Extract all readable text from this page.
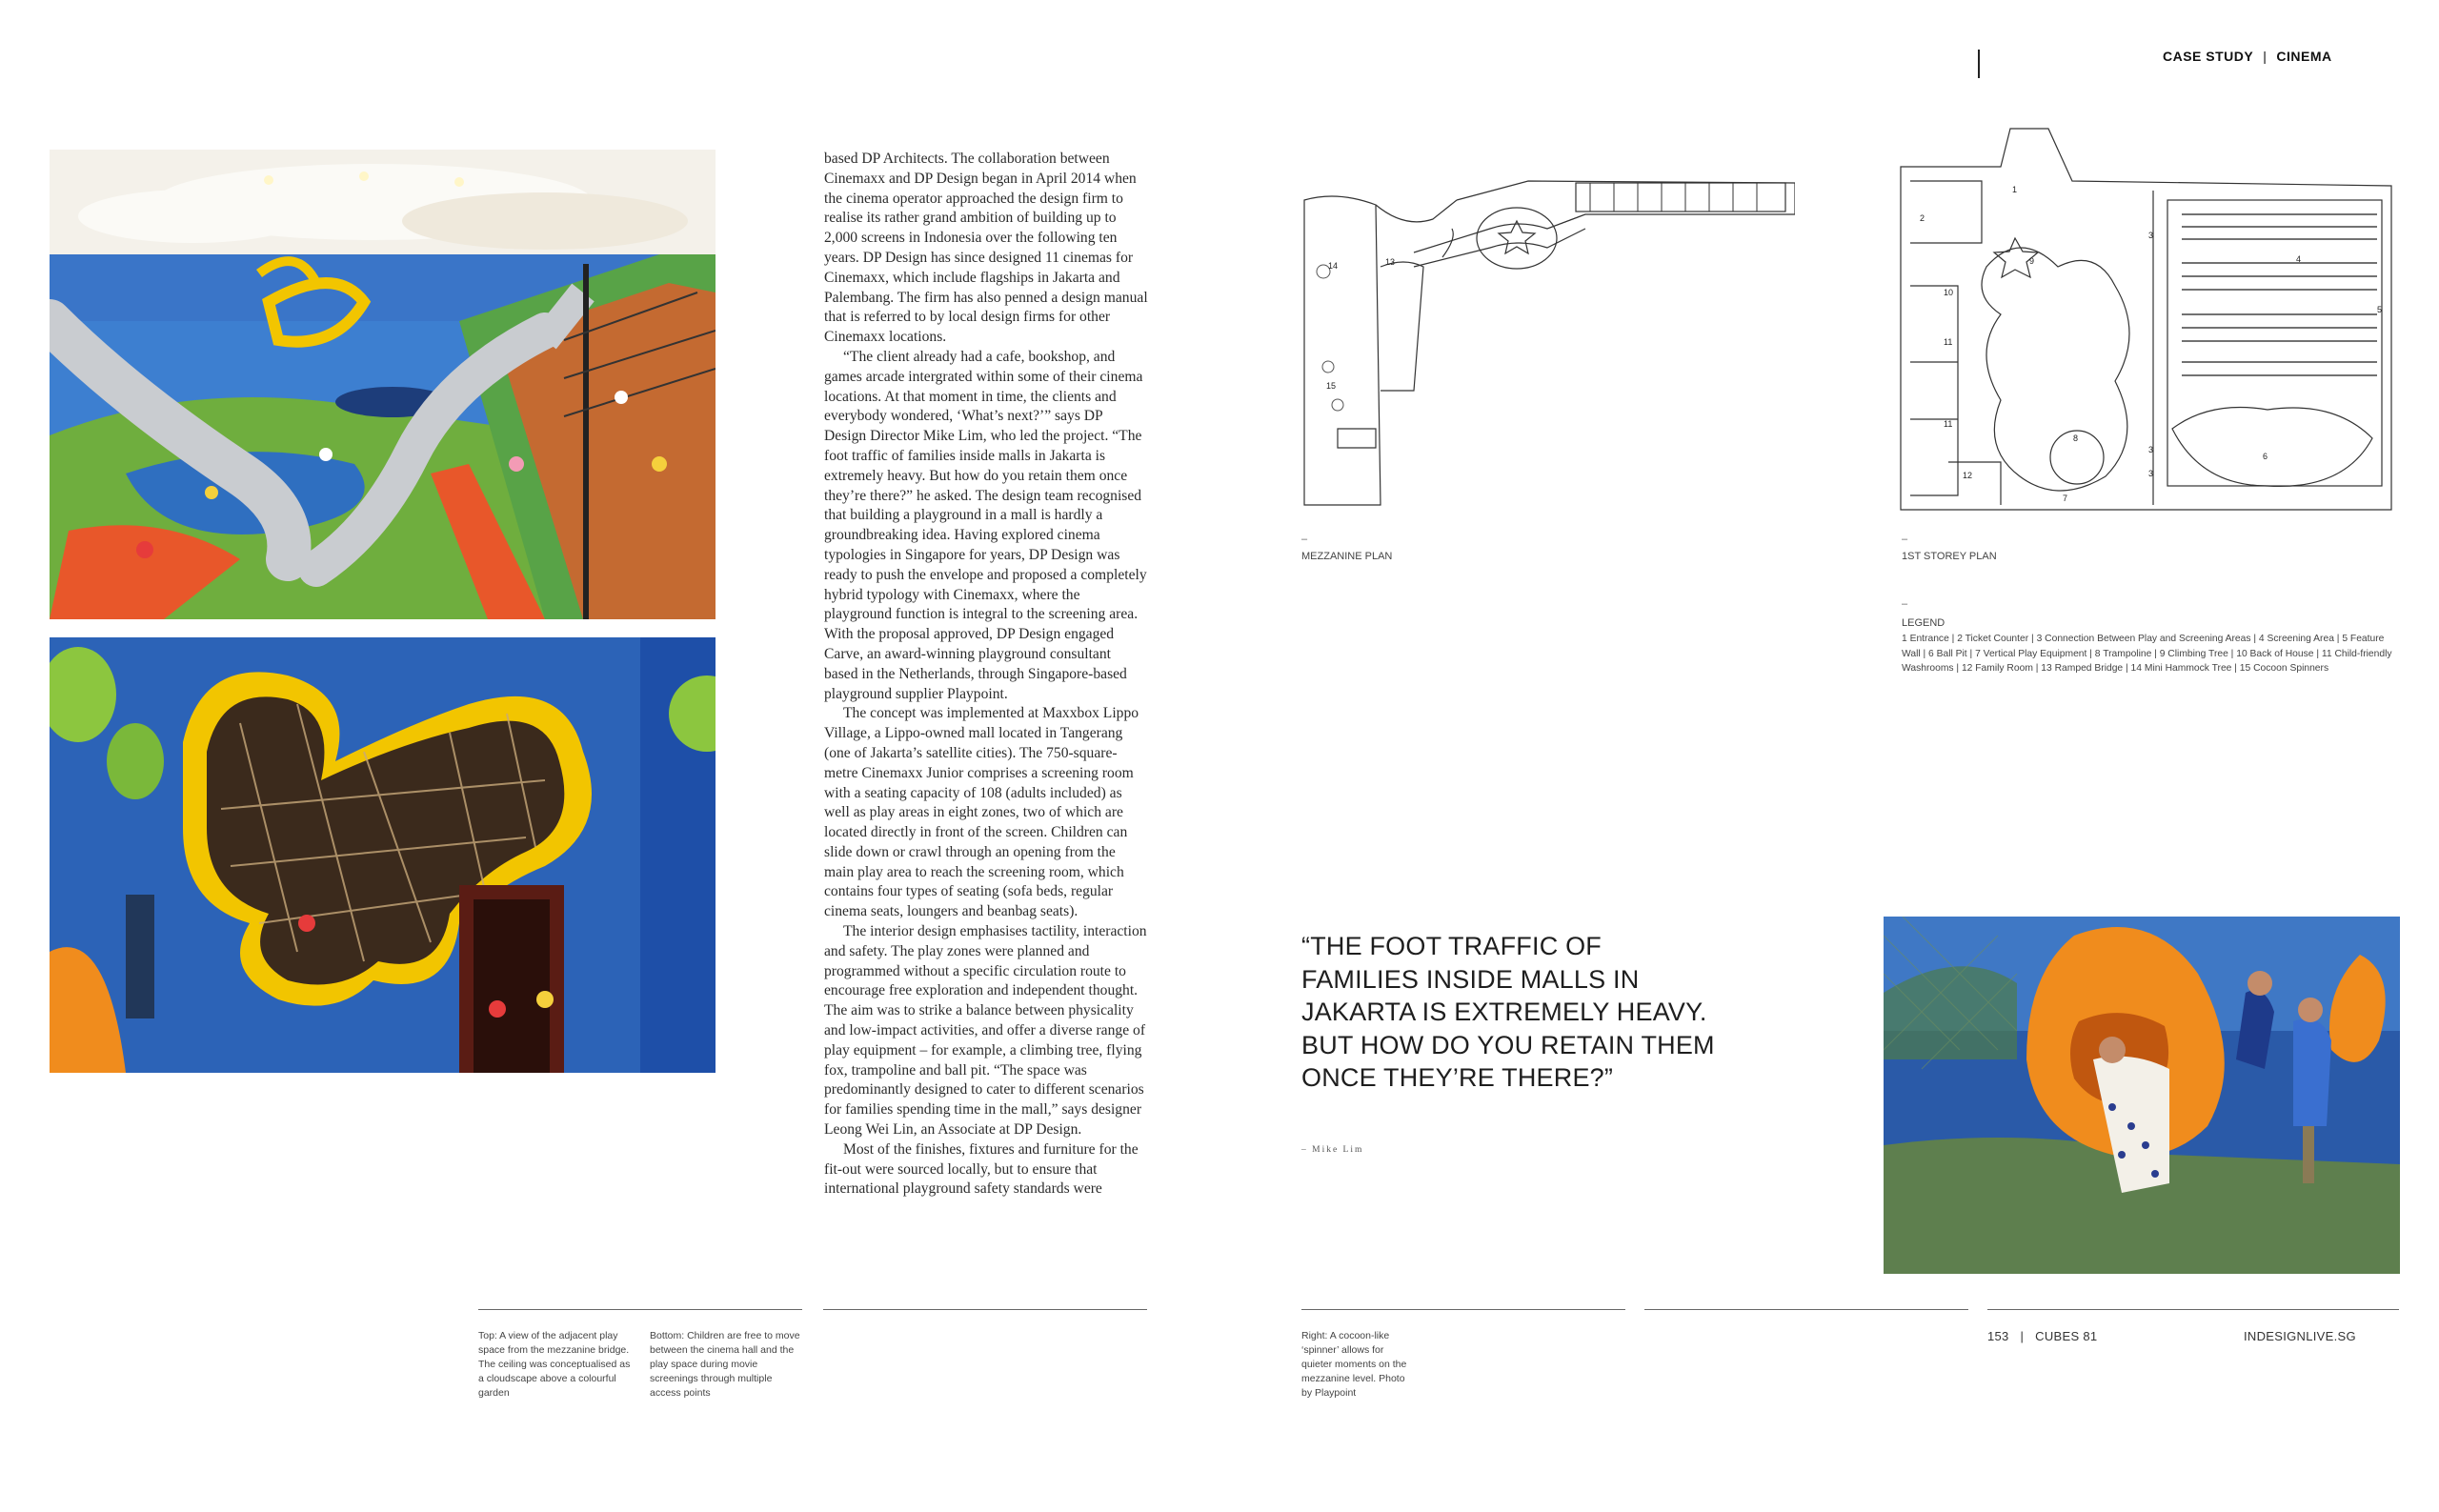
CASE STUDY | CINEMA

based DP Architects. The collaboration between Cinemaxx and DP Design began in April 2014 when the cinema operator approached the design firm to realise its rather grand ambition of building up to 2,000 screens in Indonesia over the following ten years. DP Design has since designed 11 cinemas for Cinemaxx, which include flagships in Jakarta and Palembang. The firm has also penned a design manual that is referred to by local design firms for other Cinemaxx locations.

“The client already had a cafe, bookshop, and games arcade intergrated within some of their cinema locations. At that moment in time, the clients and everybody wondered, ‘What’s next?’” says DP Design Director Mike Lim, who led the project. “The foot traffic of families inside malls in Jakarta is extremely heavy. But how do you retain them once they’re there?” he asked. The design team recognised that building a playground in a mall is hardly a groundbreaking idea. Having explored cinema typologies in Singapore for years, DP Design was ready to push the envelope and proposed a completely hybrid typology with Cinemaxx, where the playground function is integral to the screening area. With the proposal approved, DP Design engaged Carve, an award-winning playground consultant based in the Netherlands, through Singapore-based playground supplier Playpoint.

The concept was implemented at Maxxbox Lippo Village, a Lippo-owned mall located in Tangerang (one of Jakarta’s satellite cities). The 750-square-metre Cinemaxx Junior comprises a screening room with a seating capacity of 108 (adults included) as well as play areas in eight zones, two of which are located directly in front of the screen. Children can slide down or crawl through an opening from the main play area to reach the screening room, which contains four types of seating (sofa beds, regular cinema seats, loungers and beanbag seats).

The interior design emphasises tactility, interaction and safety. The play zones were planned and programmed without a specific circulation route to encourage free exploration and independent thought. The aim was to strike a balance between physicality and low-impact activities, and offer a diverse range of play equipment – for example, a climbing tree, flying fox, trampoline and ball pit. “The space was predominantly designed to cater to different scenarios for families spending time in the mall,” says designer Leong Wei Lin, an Associate at DP Design.

Most of the finishes, fixtures and furniture for the fit-out were sourced locally, but to ensure that international playground safety standards were

Top: A view of the adjacent play space from the mezzanine bridge. The ceiling was conceptualised as a cloudscape above a colourful garden
Bottom: Children are free to move between the cinema hall and the play space during movie screenings through multiple access points
14	13
15
–
MEZZANINE PLAN
1
2
3
3
3
4
5
6
7
8
9
10
11
11
12
–
1ST STOREY PLAN
–
LEGEND
1 Entrance | 2 Ticket Counter | 3 Connection Between Play and Screening Areas | 4 Screening Area | 5 Feature Wall | 6 Ball Pit | 7 Vertical Play Equipment | 8 Trampoline | 9 Climbing Tree | 10 Back of House | 11 Child-friendly Washrooms | 12 Family Room | 13 Ramped Bridge | 14 Mini Hammock Tree | 15 Cocoon Spinners
“THE FOOT TRAFFIC OF FAMILIES INSIDE MALLS IN JAKARTA IS EXTREMELY HEAVY. BUT HOW DO YOU RETAIN THEM ONCE THEY’RE THERE?”
– Mike Lim
Right: A cocoon-like ‘spinner’ allows for quieter moments on the mezzanine level. Photo by Playpoint
153 | CUBES 81	INDESIGNLIVE.SG
